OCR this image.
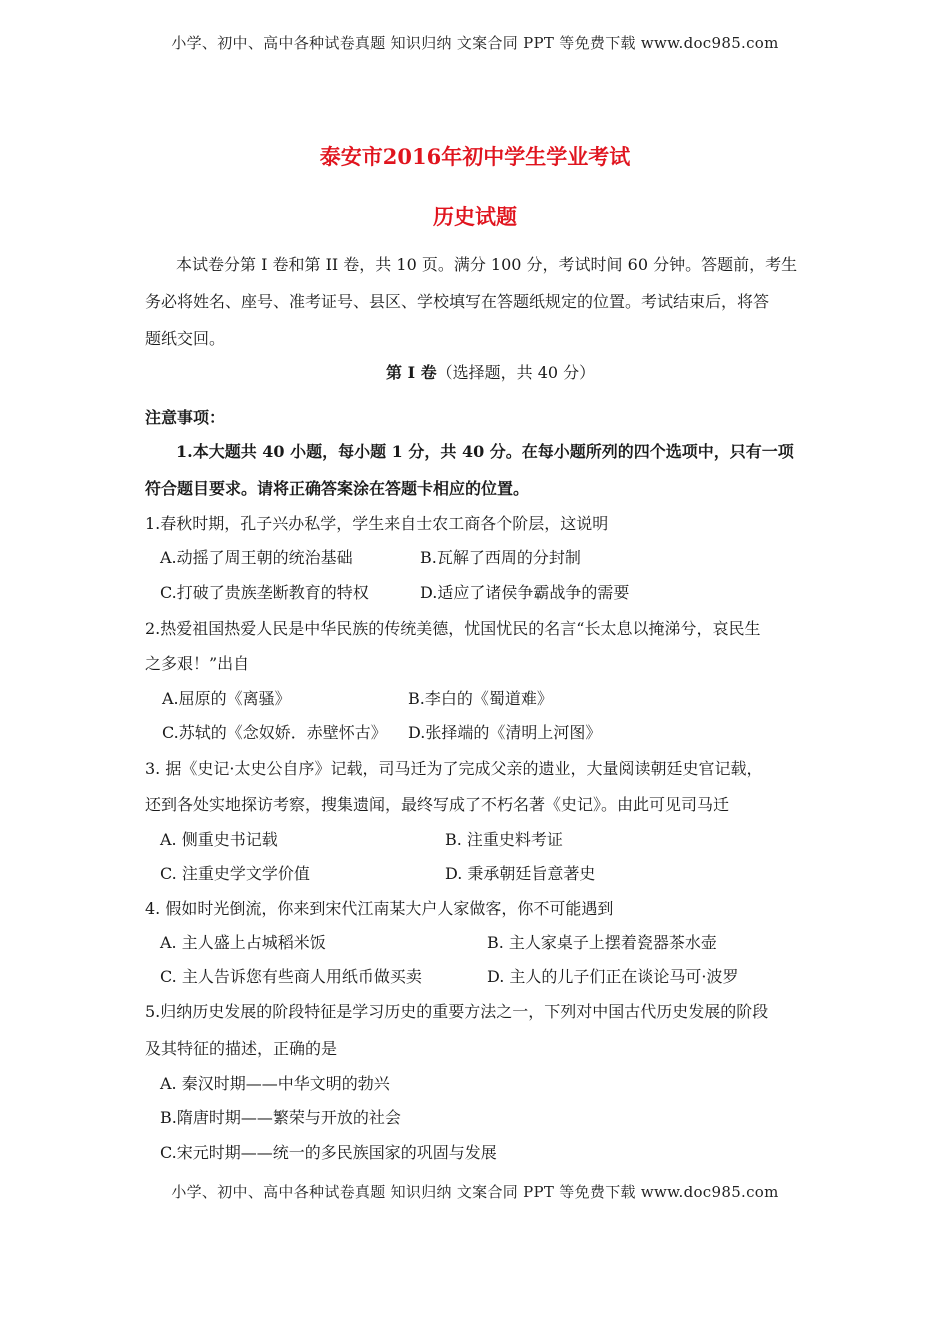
小学、初中、高中各种试卷真题 知识归纳 文案合同 PPT 等免费下载 www.doc985.com
泰安市2016年初中学生学业考试
历史试题
本试卷分第 I 卷和第 II 卷，共 10 页。满分 100 分，考试时间 60 分钟。答题前，考生
务必将姓名、座号、准考证号、县区、学校填写在答题纸规定的位置。考试结束后，将答
题纸交回。
第 I 卷（选择题，共 40 分）
注意事项：
1.本大题共 40 小题，每小题 1 分，共 40 分。在每小题所列的四个选项中，只有一项
符合题目要求。请将正确答案涂在答题卡相应的位置。
1.春秋时期，孔子兴办私学，学生来自士农工商各个阶层，这说明
A.动摇了周王朝的统治基础	B.瓦解了西周的分封制
C.打破了贵族垄断教育的特权	D.适应了诸侯争霸战争的需要
2.热爱祖国热爱人民是中华民族的传统美德，忧国忧民的名言“长太息以掩涕兮，哀民生
之多艰！”出自
A.屈原的《离骚》	B.李白的《蜀道难》
C.苏轼的《念奴娇．赤壁怀古》 D.张择端的《清明上河图》
3. 据《史记·太史公自序》记载，司马迁为了完成父亲的遗业，大量阅读朝廷史官记载，
还到各处实地探访考察，搜集遗闻，最终写成了不朽名著《史记》。由此可见司马迁
A. 侧重史书记载	B. 注重史料考证
C. 注重史学文学价值	D. 秉承朝廷旨意著史
4. 假如时光倒流，你来到宋代江南某大户人家做客，你不可能遇到
A. 主人盛上占城稻米饭	B. 主人家桌子上摆着瓷器茶水壶
C. 主人告诉您有些商人用纸币做买卖	D. 主人的儿子们正在谈论马可·波罗
5.归纳历史发展的阶段特征是学习历史的重要方法之一，下列对中国古代历史发展的阶段
及其特征的描述，正确的是
A. 秦汉时期——中华文明的勃兴
B.隋唐时期——繁荣与开放的社会
C.宋元时期——统一的多民族国家的巩固与发展
小学、初中、高中各种试卷真题 知识归纳 文案合同 PPT 等免费下载 www.doc985.com
